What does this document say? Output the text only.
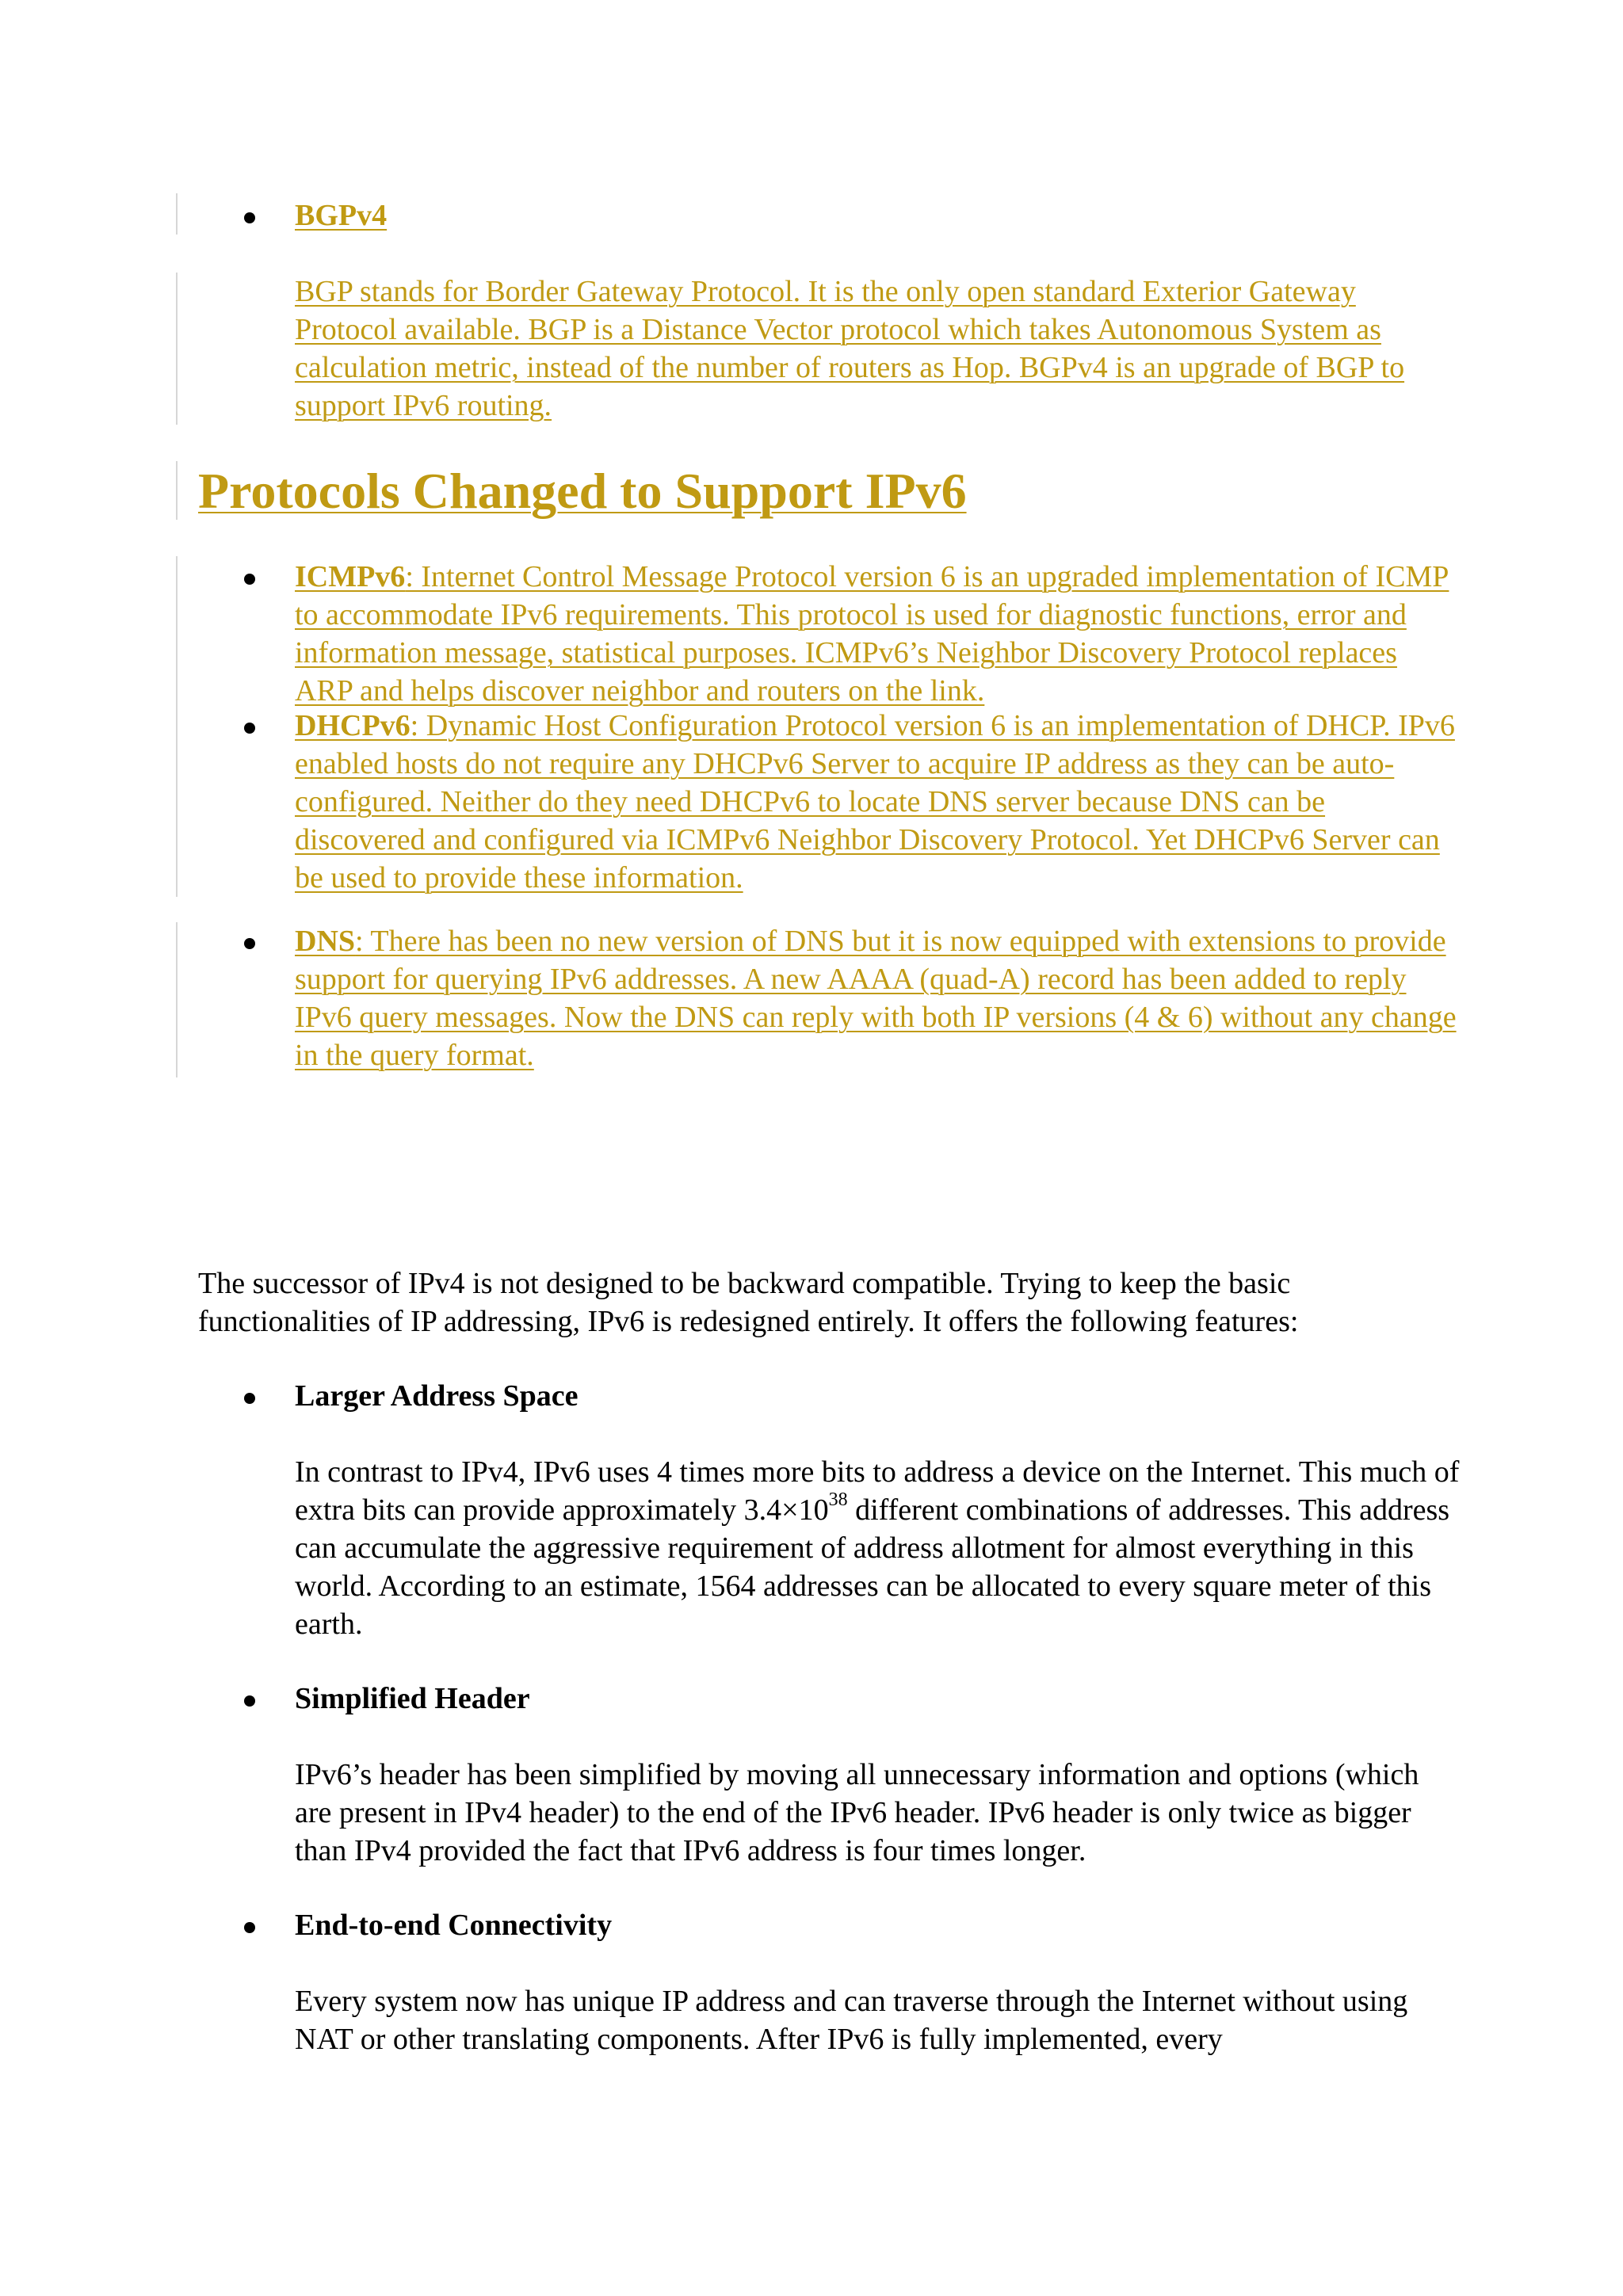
BGPv4

BGP stands for Border Gateway Protocol. It is the only open standard Exterior Gateway Protocol available. BGP is a Distance Vector protocol which takes Autonomous System as calculation metric, instead of the number of routers as Hop. BGPv4 is an upgrade of BGP to support IPv6 routing.

Protocols Changed to Support IPv6

ICMPv6: Internet Control Message Protocol version 6 is an upgraded implementation of ICMP to accommodate IPv6 requirements. This protocol is used for diagnostic functions, error and information message, statistical purposes. ICMPv6’s Neighbor Discovery Protocol replaces ARP and helps discover neighbor and routers on the link.

DHCPv6: Dynamic Host Configuration Protocol version 6 is an implementation of DHCP. IPv6 enabled hosts do not require any DHCPv6 Server to acquire IP address as they can be auto-configured. Neither do they need DHCPv6 to locate DNS server because DNS can be discovered and configured via ICMPv6 Neighbor Discovery Protocol. Yet DHCPv6 Server can be used to provide these information.

DNS: There has been no new version of DNS but it is now equipped with extensions to provide support for querying IPv6 addresses. A new AAAA (quad-A) record has been added to reply IPv6 query messages. Now the DNS can reply with both IP versions (4 & 6) without any change in the query format.

The successor of IPv4 is not designed to be backward compatible. Trying to keep the basic functionalities of IP addressing, IPv6 is redesigned entirely. It offers the following features:

Larger Address Space

In contrast to IPv4, IPv6 uses 4 times more bits to address a device on the Internet. This much of extra bits can provide approximately $3.4\times 10^{38}$ different combinations of addresses. This address can accumulate the aggressive requirement of address allotment for almost everything in this world. According to an estimate, 1564 addresses can be allocated to every square meter of this earth.

Simplified Header

IPv6’s header has been simplified by moving all unnecessary information and options (which are present in IPv4 header) to the end of the IPv6 header. IPv6 header is only twice as bigger than IPv4 provided the fact that IPv6 address is four times longer.

End-to-end Connectivity

Every system now has unique IP address and can traverse through the Internet without using NAT or other translating components. After IPv6 is fully implemented, every
